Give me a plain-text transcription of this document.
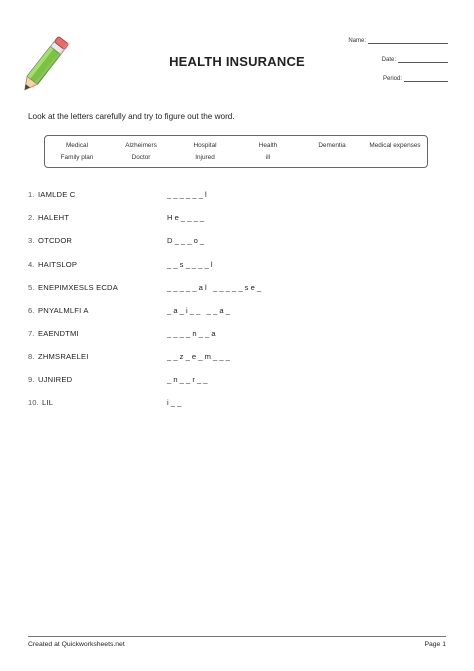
Name:
Date:
Period:
HEALTH INSURANCE
Look at the letters carefully and try to figure out the word.
Medical	Alzheimers	Hospital	Health	Dementia	Medical expenses
Family plan	Doctor	Injured	ill
1. IAMLDE C	_ _ _ _ _ _ l
2. HALEHT	H e _ _ _ _
3. OTCDOR	D _ _ _ o _
4. HAITSLOP	_ _ s _ _ _ _ l
5. ENEPIMXESLS ECDA	_ _ _ _ _ a l   _ _ _ _ _ s e _
6. PNYALMLFI A	_ a _ i _ _   _ _ a _
7. EAENDTMI	_ _ _ _ n _ _ a
8. ZHMSRAELEI	_ _ z _ e _ m _ _ _
9. UJNIRED	_ n _ _ r _ _
10. LIL	i _ _
Created at Quickworksheets.net	Page 1
